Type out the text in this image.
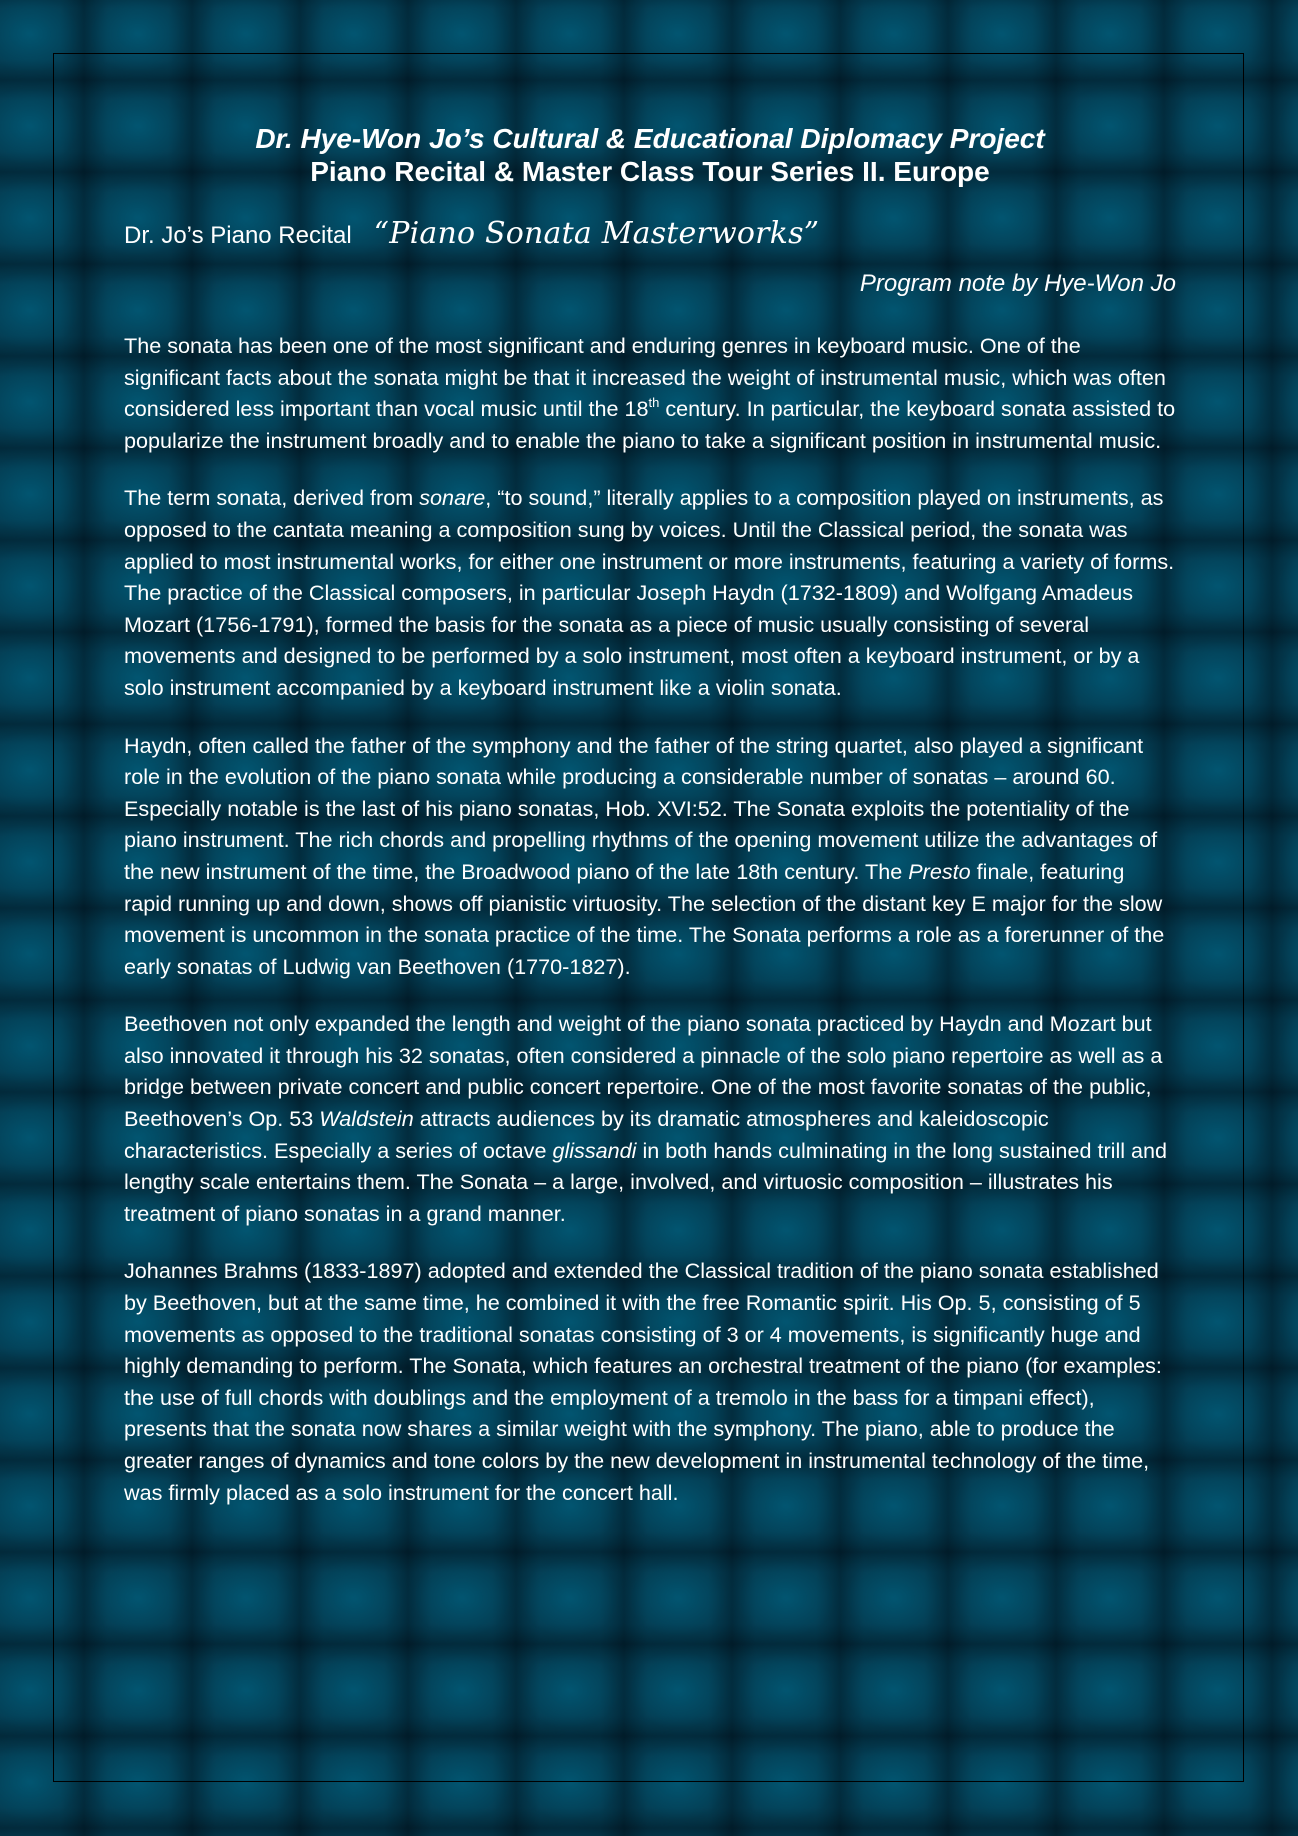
Dr. Hye-Won Jo’s Cultural & Educational Diplomacy Project
Piano Recital & Master Class Tour Series II. Europe
Dr. Jo’s Piano Recital “Piano Sonata Masterworks”
Program note by Hye-Won Jo

The sonata has been one of the most significant and enduring genres in keyboard music. One of the significant facts about the sonata might be that it increased the weight of instrumental music, which was often considered less important than vocal music until the 18th century. In particular, the keyboard sonata assisted to popularize the instrument broadly and to enable the piano to take a significant position in instrumental music.

The term sonata, derived from sonare, “to sound,” literally applies to a composition played on instruments, as opposed to the cantata meaning a composition sung by voices. Until the Classical period, the sonata was applied to most instrumental works, for either one instrument or more instruments, featuring a variety of forms. The practice of the Classical composers, in particular Joseph Haydn (1732-1809) and Wolfgang Amadeus Mozart (1756-1791), formed the basis for the sonata as a piece of music usually consisting of several movements and designed to be performed by a solo instrument, most often a keyboard instrument, or by a solo instrument accompanied by a keyboard instrument like a violin sonata.

Haydn, often called the father of the symphony and the father of the string quartet, also played a significant role in the evolution of the piano sonata while producing a considerable number of sonatas – around 60. Especially notable is the last of his piano sonatas, Hob. XVI:52. The Sonata exploits the potentiality of the piano instrument. The rich chords and propelling rhythms of the opening movement utilize the advantages of the new instrument of the time, the Broadwood piano of the late 18th century. The Presto finale, featuring rapid running up and down, shows off pianistic virtuosity. The selection of the distant key E major for the slow movement is uncommon in the sonata practice of the time. The Sonata performs a role as a forerunner of the early sonatas of Ludwig van Beethoven (1770-1827).

Beethoven not only expanded the length and weight of the piano sonata practiced by Haydn and Mozart but also innovated it through his 32 sonatas, often considered a pinnacle of the solo piano repertoire as well as a bridge between private concert and public concert repertoire. One of the most favorite sonatas of the public, Beethoven’s Op. 53 Waldstein attracts audiences by its dramatic atmospheres and kaleidoscopic characteristics. Especially a series of octave glissandi in both hands culminating in the long sustained trill and lengthy scale entertains them. The Sonata – a large, involved, and virtuosic composition – illustrates his treatment of piano sonatas in a grand manner.

Johannes Brahms (1833-1897) adopted and extended the Classical tradition of the piano sonata established by Beethoven, but at the same time, he combined it with the free Romantic spirit. His Op. 5, consisting of 5 movements as opposed to the traditional sonatas consisting of 3 or 4 movements, is significantly huge and highly demanding to perform. The Sonata, which features an orchestral treatment of the piano (for examples: the use of full chords with doublings and the employment of a tremolo in the bass for a timpani effect), presents that the sonata now shares a similar weight with the symphony. The piano, able to produce the greater ranges of dynamics and tone colors by the new development in instrumental technology of the time, was firmly placed as a solo instrument for the concert hall.
